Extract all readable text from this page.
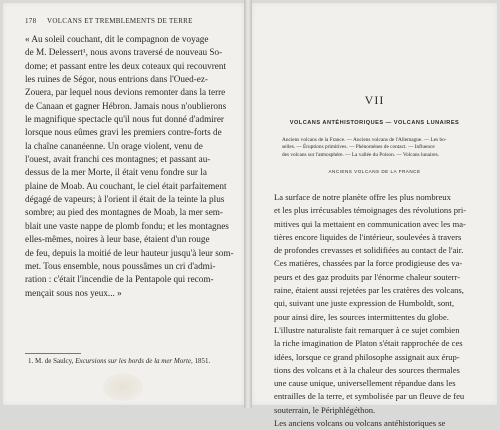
178 VOLCANS ET TREMBLEMENTS DE TERRE
« Au soleil couchant, dit le compagnon de voyage
de M. Delessert¹, nous avons traversé de nouveau So-
dome; et passant entre les deux coteaux qui recouvrent
les ruines de Ségor, nous entrions dans l'Oued-ez-
Zouera, par lequel nous devions remonter dans la terre
de Canaan et gagner Hébron. Jamais nous n'oublierons
le magnifique spectacle qu'il nous fut donné d'admirer
lorsque nous eûmes gravi les premiers contre-forts de
la chaîne cananéenne. Un orage violent, venu de
l'ouest, avait franchi ces montagnes; et passant au-
dessus de la mer Morte, il était venu fondre sur la
plaine de Moab. Au couchant, le ciel était parfaitement
dégagé de vapeurs; à l'orient il était de la teinte la plus
sombre; au pied des montagnes de Moab, la mer sem-
blait une vaste nappe de plomb fondu; et les montagnes
elles-mêmes, noires à leur base, étaient d'un rouge
de feu, depuis la moitié de leur hauteur jusqu'à leur som-
met. Tous ensemble, nous poussâmes un cri d'admi-
ration : c'était l'incendie de la Pentapole qui recom-
mençait sous nos yeux... »
1. M. de Saulcy, Excursions sur les bords de la mer Morte, 1851.
VII
VOLCANS ANTÉHISTORIQUES — VOLCANS LUNAIRES
Anciens volcans de la France. — Anciens volcans de l'Allemagne. — Les bo-
selles. — Éruptions primitives. — Phénomènes de contact. — Influence
des volcans sur l'atmosphère. — La vallée du Poison. — Volcans lunaires.
ANCIENS VOLCANS DE LA FRANCE
La surface de notre planète offre les plus nombreux
et les plus irrécusables témoignages des révolutions pri-
mitives qui la mettaient en communication avec les ma-
tières encore liquides de l'intérieur, soulevées à travers
de profondes crevasses et solidifiées au contact de l'air.
Ces matières, chassées par la force prodigieuse des va-
peurs et des gaz produits par l'énorme chaleur souterr-
raine, étaient aussi rejetées par les cratères des volcans,
qui, suivant une juste expression de Humboldt, sont,
pour ainsi dire, les sources intermittentes du globe.
L'illustre naturaliste fait remarquer à ce sujet combien
la riche imagination de Platon s'était rapprochée de ces
idées, lorsque ce grand philosophe assignait aux érup-
tions des volcans et à la chaleur des sources thermales
une cause unique, universellement répandue dans les
entrailles de la terre, et symbolisée par un fleuve de feu
souterrain, le Périphlégéthon.
Les anciens volcans ou volcans antéhistoriques se
